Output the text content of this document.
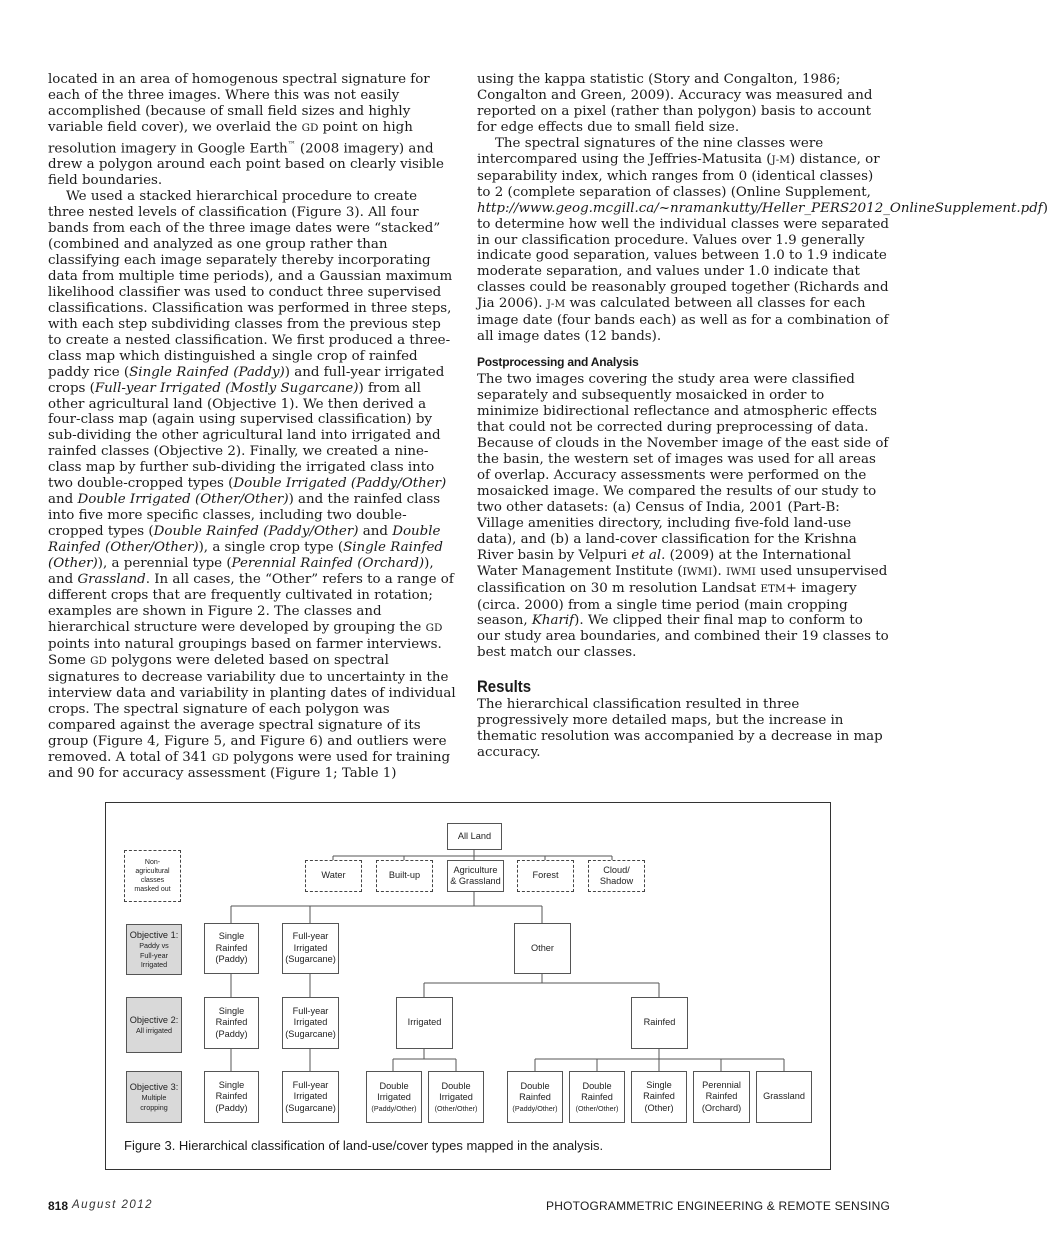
located in an area of homogenous spectral signature for each of the three images. Where this was not easily accomplished (because of small field sizes and highly variable field cover), we overlaid the GD point on high resolution imagery in Google Earth™ (2008 imagery) and drew a polygon around each point based on clearly visible field boundaries.

We used a stacked hierarchical procedure to create three nested levels of classification (Figure 3). All four bands from each of the three image dates were “stacked” (combined and analyzed as one group rather than classifying each image separately thereby incorporating data from multiple time periods), and a Gaussian maximum likelihood classifier was used to conduct three supervised classifications. Classification was performed in three steps, with each step subdividing classes from the previous step to create a nested classification. We first produced a three-class map which distinguished a single crop of rainfed paddy rice (Single Rainfed (Paddy)) and full-year irrigated crops (Full-year Irrigated (Mostly Sugarcane)) from all other agricultural land (Objective 1). We then derived a four-class map (again using supervised classification) by sub-dividing the other agricultural land into irrigated and rainfed classes (Objective 2). Finally, we created a nine-class map by further sub-dividing the irrigated class into two double-cropped types (Double Irrigated (Paddy/Other) and Double Irrigated (Other/Other)) and the rainfed class into five more specific classes, including two double-cropped types (Double Rainfed (Paddy/Other) and Double Rainfed (Other/Other)), a single crop type (Single Rainfed (Other)), a perennial type (Perennial Rainfed (Orchard)), and Grassland. In all cases, the “Other” refers to a range of different crops that are frequently cultivated in rotation; examples are shown in Figure 2. The classes and hierarchical structure were developed by grouping the GD points into natural groupings based on farmer interviews. Some GD polygons were deleted based on spectral signatures to decrease variability due to uncertainty in the interview data and variability in planting dates of individual crops. The spectral signature of each polygon was compared against the average spectral signature of its group (Figure 4, Figure 5, and Figure 6) and outliers were removed. A total of 341 GD polygons were used for training and 90 for accuracy assessment (Figure 1; Table 1)

using the kappa statistic (Story and Congalton, 1986; Congalton and Green, 2009). Accuracy was measured and reported on a pixel (rather than polygon) basis to account for edge effects due to small field size.

The spectral signatures of the nine classes were intercompared using the Jeffries-Matusita (J-M) distance, or separability index, which ranges from 0 (identical classes) to 2 (complete separation of classes) (Online Supplement, http://www.geog.mcgill.ca/~nramankutty/Heller_PERS2012_OnlineSupplement.pdf) to determine how well the individual classes were separated in our classification procedure. Values over 1.9 generally indicate good separation, values between 1.0 to 1.9 indicate moderate separation, and values under 1.0 indicate that classes could be reasonably grouped together (Richards and Jia 2006). J-M was calculated between all classes for each image date (four bands each) as well as for a combination of all image dates (12 bands).

Postprocessing and Analysis

The two images covering the study area were classified separately and subsequently mosaicked in order to minimize bidirectional reflectance and atmospheric effects that could not be corrected during preprocessing of data. Because of clouds in the November image of the east side of the basin, the western set of images was used for all areas of overlap. Accuracy assessments were performed on the mosaicked image. We compared the results of our study to two other datasets: (a) Census of India, 2001 (Part-B: Village amenities directory, including five-fold land-use data), and (b) a land-cover classification for the Krishna River basin by Velpuri et al. (2009) at the International Water Management Institute (IWMI). IWMI used unsupervised classification on 30 m resolution Landsat ETM+ imagery (circa. 2000) from a single time period (main cropping season, Kharif). We clipped their final map to conform to our study area boundaries, and combined their 19 classes to best match our classes.

Results

The hierarchical classification resulted in three progressively more detailed maps, but the increase in thematic resolution was accompanied by a decrease in map accuracy.

All Land
Non-
agricultural
classes
masked out
Water	Built-up
Agriculture
& Grassland
Forest
Cloud/
Shadow
Objective 1:
Paddy vs
Full-year
Irrigated
Objective 2:
All irrigated
Objective 3:
Multiple
cropping
Single
Rainfed
(Paddy)
Full-year
Irrigated
(Sugarcane)
Other
Single
Rainfed
(Paddy)
Full-year
Irrigated
(Sugarcane)
Irrigated	Rainfed
Single
Rainfed
(Paddy)
Full-year
Irrigated
(Sugarcane)
Double
Irrigated
(Paddy/Other)
Double
Irrigated
(Other/Other)
Double
Rainfed
(Paddy/Other)
Double
Rainfed
(Other/Other)
Single
Rainfed
(Other)
Perennial
Rainfed
(Orchard)
Grassland
Figure 3. Hierarchical classification of land-use/cover types mapped in the analysis.
818 August 2012	PHOTOGRAMMETRIC ENGINEERING & REMOTE SENSING
